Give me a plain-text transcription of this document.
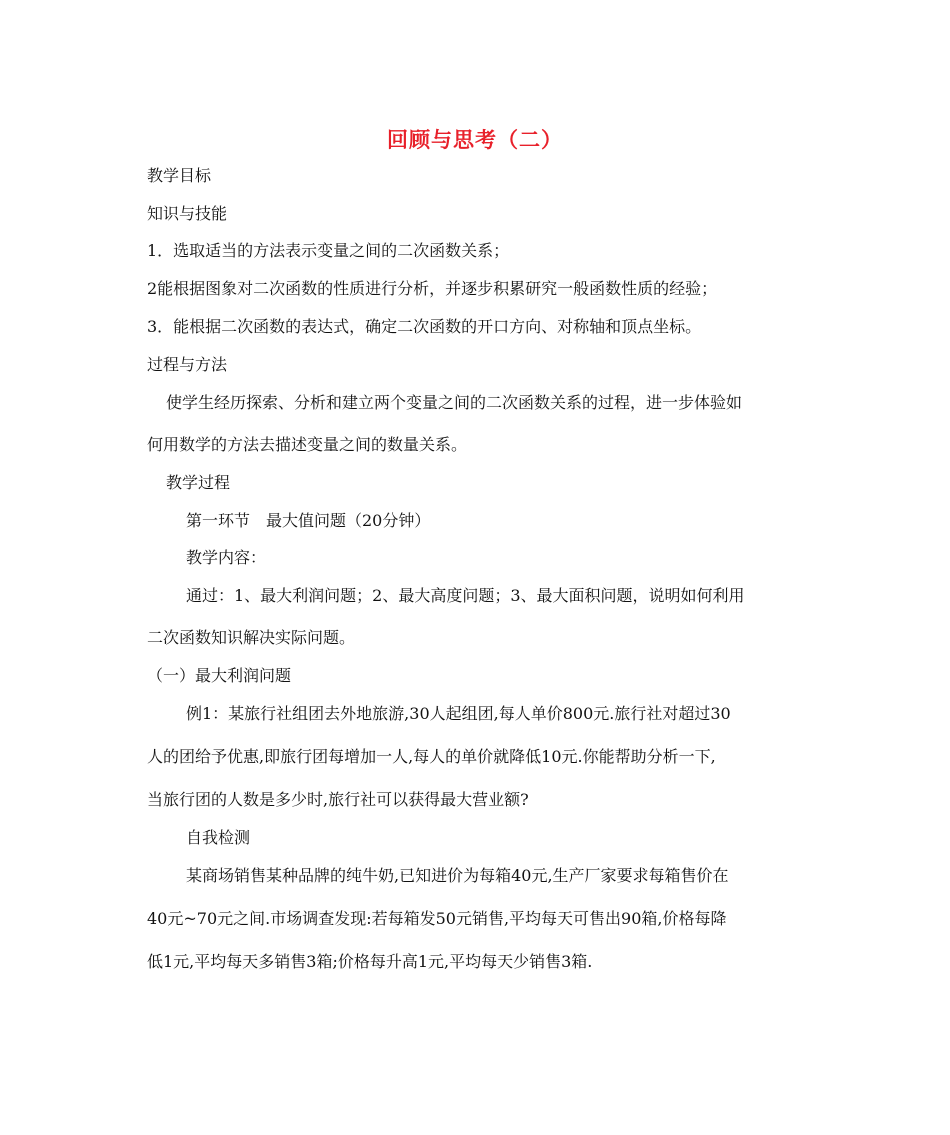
回顾与思考（二）
教学目标
知识与技能
1．选取适当的方法表示变量之间的二次函数关系；
2能根据图象对二次函数的性质进行分析，并逐步积累研究一般函数性质的经验；
3．能根据二次函数的表达式，确定二次函数的开口方向、对称轴和顶点坐标。
过程与方法
使学生经历探索、分析和建立两个变量之间的二次函数关系的过程，进一步体验如
何用数学的方法去描述变量之间的数量关系。
教学过程
第一环节　最大值问题（20分钟）
教学内容：
通过：1、最大利润问题；2、最大高度问题；3、最大面积问题，说明如何利用
二次函数知识解决实际问题。
（一）最大利润问题
例1：某旅行社组团去外地旅游,30人起组团,每人单价800元.旅行社对超过30
人的团给予优惠,即旅行团每增加一人,每人的单价就降低10元.你能帮助分析一下,
当旅行团的人数是多少时,旅行社可以获得最大营业额?
自我检测
某商场销售某种品牌的纯牛奶,已知进价为每箱40元,生产厂家要求每箱售价在
40元~70元之间.市场调查发现:若每箱发50元销售,平均每天可售出90箱,价格每降
低1元,平均每天多销售3箱;价格每升高1元,平均每天少销售3箱.
